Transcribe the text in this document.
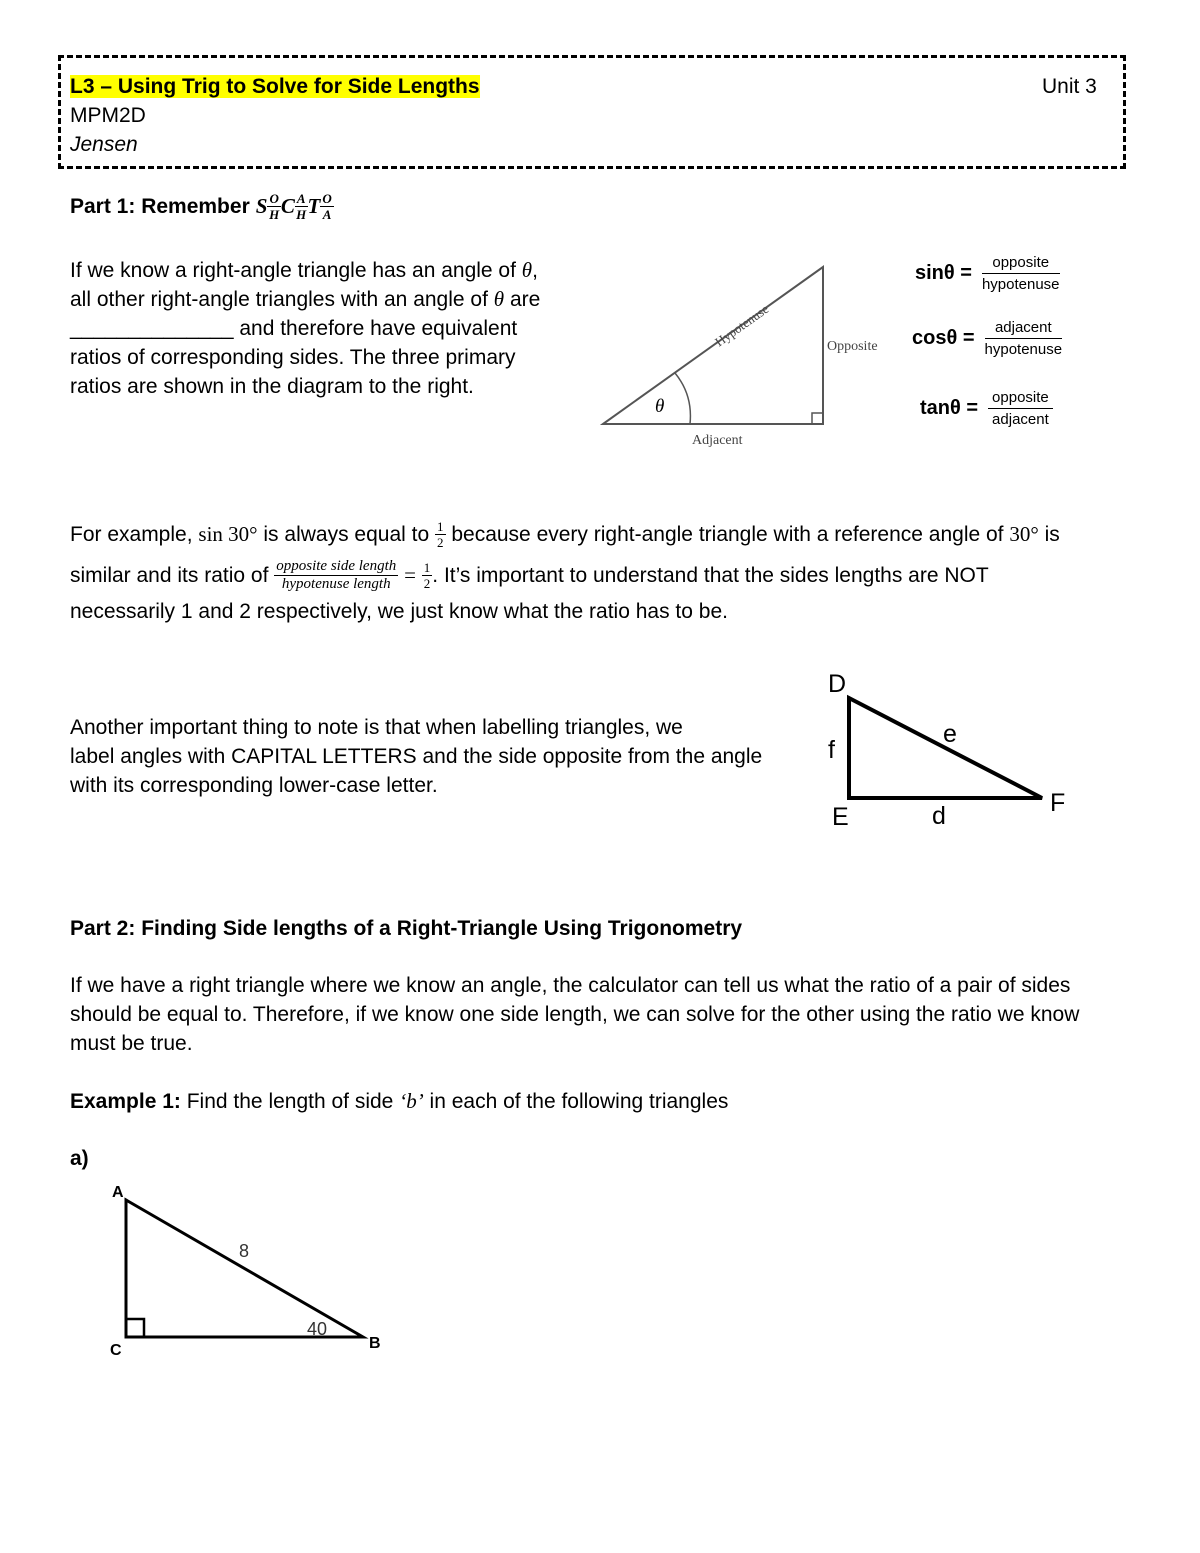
L3 – Using Trig to Solve for Side Lengths
MPM2D
Jensen
Unit 3
Part 1: Remember S $\frac{O}{H}$ C $\frac{A}{H}$ T $\frac{O}{A}$
If we know a right-angle triangle has an angle of θ,
all other right-angle triangles with an angle of θ are
______________ and therefore have equivalent
ratios of corresponding sides. The three primary
ratios are shown in the diagram to the right.
θ
Hypotenuse	Opposite
Adjacent
$\sin\theta = \frac{\text{opposite}}{\text{hypotenuse}}$
$\cos\theta = \frac{\text{adjacent}}{\text{hypotenuse}}$
$\tan\theta = \frac{\text{opposite}}{\text{adjacent}}$
For example,
sin 30°
is always equal to
$\frac{1}{2}$
because every right-angle triangle with a reference angle of
30°
is
similar and its ratio of
$\frac{\text{opposite side length}}{\text{hypotenuse length}}$
=
$\frac{1}{2}$ . It’s important to understand that the sides lengths are NOT
necessarily 1 and 2 respectively, we just know what the ratio has to be.
Another important thing to note is that when labelling triangles, we
label angles with CAPITAL LETTERS and the side opposite from the angle
with its corresponding lower-case letter.
D
E	F
f
e
d
Part 2: Finding Side lengths of a Right-Triangle Using Trigonometry
If we have a right triangle where we know an angle, the calculator can tell us what the ratio of a pair of sides
should be equal to. Therefore, if we know one side length, we can solve for the other using the ratio we know
must be true.
Example 1: Find the length of side ‘b’ in each of the following triangles
a)
A
C	B
8
40
